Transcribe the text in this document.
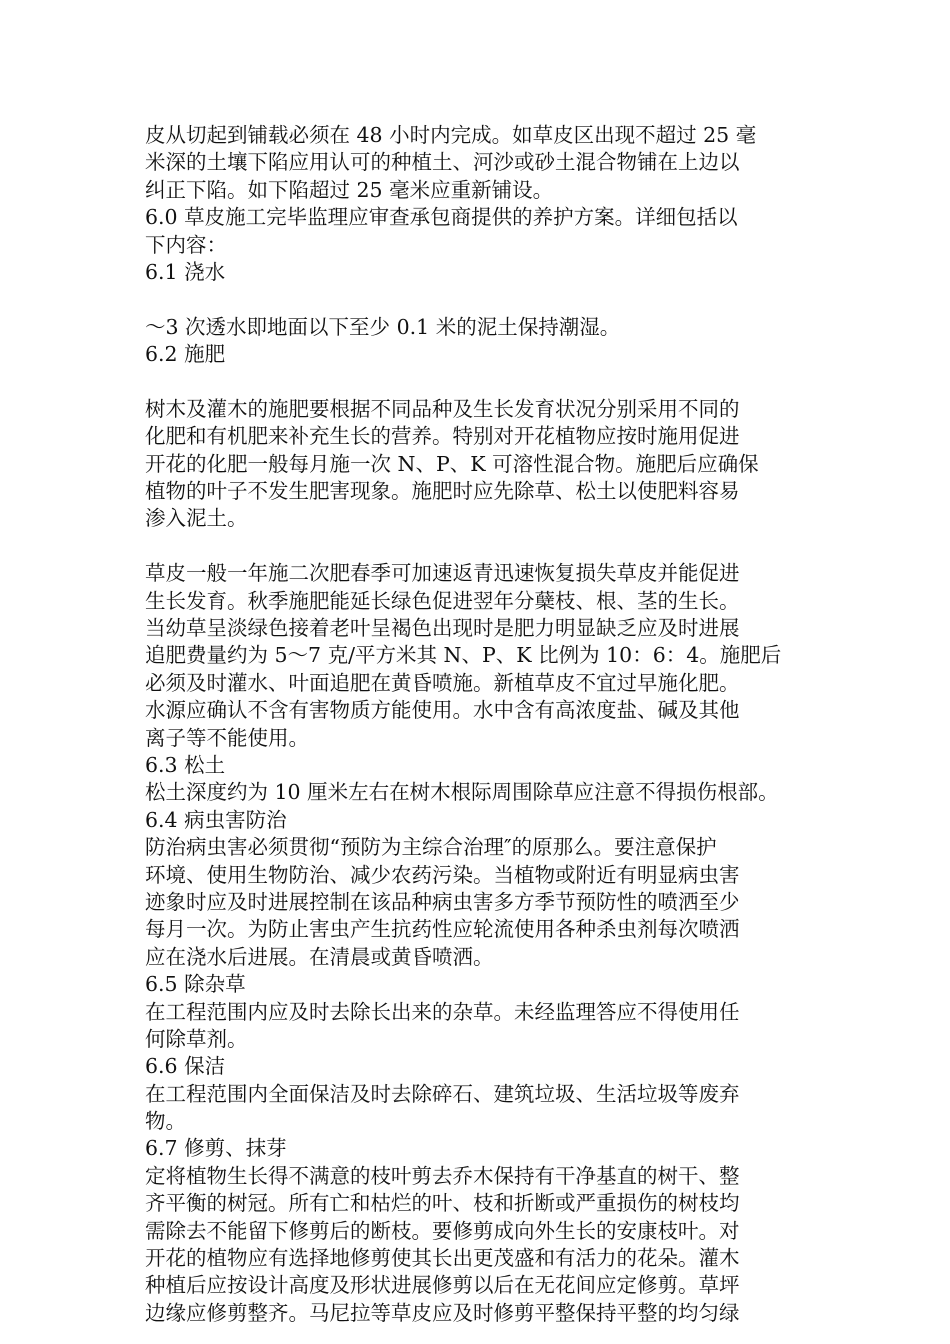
皮从切起到铺载必须在 48 小时内完成。如草皮区出现不超过 25 毫
米深的土壤下陷应用认可的种植土、河沙或砂土混合物铺在上边以
纠正下陷。如下陷超过 25 毫米应重新铺设。
6.0 草皮施工完毕监理应审查承包商提供的养护方案。详细包括以
下内容：
6.1 浇水
～3 次透水即地面以下至少 0.1 米的泥土保持潮湿。
6.2 施肥
树木及灌木的施肥要根据不同品种及生长发育状况分别采用不同的
化肥和有机肥来补充生长的营养。特别对开花植物应按时施用促进
开花的化肥一般每月施一次 N、P、K 可溶性混合物。施肥后应确保
植物的叶子不发生肥害现象。施肥时应先除草、松土以使肥料容易
渗入泥土。
草皮一般一年施二次肥春季可加速返青迅速恢复损失草皮并能促进
生长发育。秋季施肥能延长绿色促进翌年分蘖枝、根、茎的生长。
当幼草呈淡绿色接着老叶呈褐色出现时是肥力明显缺乏应及时进展
追肥费量约为 5～7 克/平方米其 N、P、K 比例为 10：6：4。施肥后
必须及时灌水、叶面追肥在黄昏喷施。新植草皮不宜过早施化肥。
水源应确认不含有害物质方能使用。水中含有高浓度盐、碱及其他
离子等不能使用。
6.3 松土
松土深度约为 10 厘米左右在树木根际周围除草应注意不得损伤根部。
6.4 病虫害防治
防治病虫害必须贯彻“预防为主综合治理″的原那么。要注意保护
环境、使用生物防治、减少农药污染。当植物或附近有明显病虫害
迹象时应及时进展控制在该品种病虫害多方季节预防性的喷洒至少
每月一次。为防止害虫产生抗药性应轮流使用各种杀虫剂每次喷洒
应在浇水后进展。在清晨或黄昏喷洒。
6.5 除杂草
在工程范围内应及时去除长出来的杂草。未经监理答应不得使用任
何除草剂。
6.6 保洁
在工程范围内全面保洁及时去除碎石、建筑垃圾、生活垃圾等废弃
物。
6.7 修剪、抹芽
定将植物生长得不满意的枝叶剪去乔木保持有干净基直的树干、整
齐平衡的树冠。所有亡和枯烂的叶、枝和折断或严重损伤的树枝均
需除去不能留下修剪后的断枝。要修剪成向外生长的安康枝叶。对
开花的植物应有选择地修剪使其长出更茂盛和有活力的花朵。灌木
种植后应按设计高度及形状进展修剪以后在无花间应定修剪。草坪
边缘应修剪整齐。马尼拉等草皮应及时修剪平整保持平整的均匀绿
